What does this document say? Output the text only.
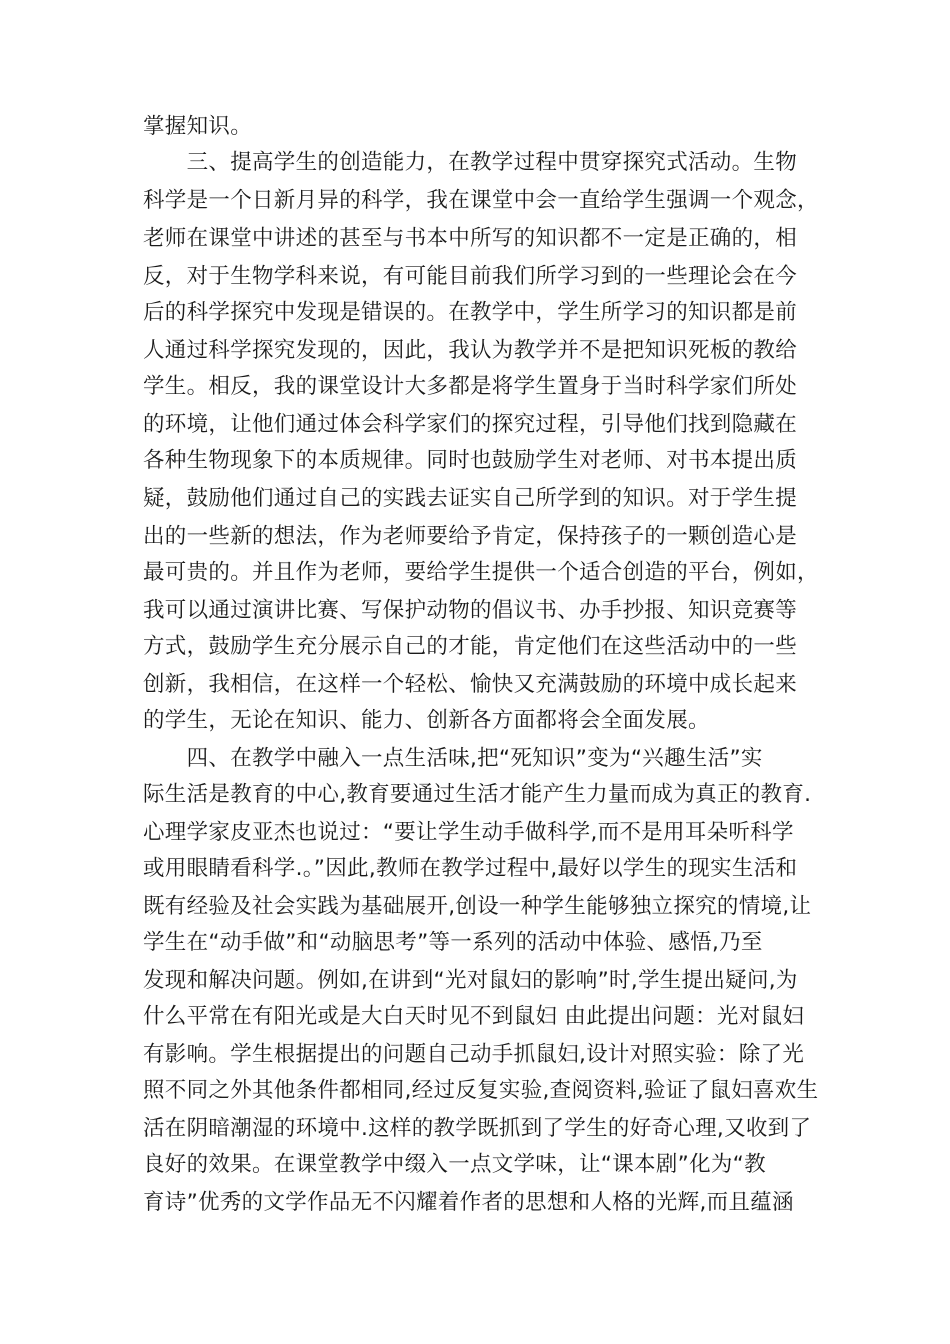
掌握知识。
　　三、提高学生的创造能力，在教学过程中贯穿探究式活动。生物
科学是一个日新月异的科学，我在课堂中会一直给学生强调一个观念，
老师在课堂中讲述的甚至与书本中所写的知识都不一定是正确的，相
反，对于生物学科来说，有可能目前我们所学习到的一些理论会在今
后的科学探究中发现是错误的。在教学中，学生所学习的知识都是前
人通过科学探究发现的，因此，我认为教学并不是把知识死板的教给
学生。相反，我的课堂设计大多都是将学生置身于当时科学家们所处
的环境，让他们通过体会科学家们的探究过程，引导他们找到隐藏在
各种生物现象下的本质规律。同时也鼓励学生对老师、对书本提出质
疑，鼓励他们通过自己的实践去证实自己所学到的知识。对于学生提
出的一些新的想法，作为老师要给予肯定，保持孩子的一颗创造心是
最可贵的。并且作为老师，要给学生提供一个适合创造的平台，例如，
我可以通过演讲比赛、写保护动物的倡议书、办手抄报、知识竞赛等
方式，鼓励学生充分展示自己的才能，肯定他们在这些活动中的一些
创新，我相信，在这样一个轻松、愉快又充满鼓励的环境中成长起来
的学生，无论在知识、能力、创新各方面都将会全面发展。
　　四、在教学中融入一点生活味,把“死知识”变为“兴趣生活”实
际生活是教育的中心,教育要通过生活才能产生力量而成为真正的教育.
心理学家皮亚杰也说过：“要让学生动手做科学,而不是用耳朵听科学
或用眼睛看科学.。”因此,教师在教学过程中,最好以学生的现实生活和
既有经验及社会实践为基础展开,创设一种学生能够独立探究的情境,让
学生在“动手做”和“动脑思考”等一系列的活动中体验、感悟,乃至
发现和解决问题。例如,在讲到“光对鼠妇的影响”时,学生提出疑问,为
什么平常在有阳光或是大白天时见不到鼠妇 由此提出问题：光对鼠妇
有影响。学生根据提出的问题自己动手抓鼠妇,设计对照实验：除了光
照不同之外其他条件都相同,经过反复实验,查阅资料,验证了鼠妇喜欢生
活在阴暗潮湿的环境中.这样的教学既抓到了学生的好奇心理,又收到了
良好的效果。在课堂教学中缀入一点文学味，让“课本剧”化为“教
育诗”优秀的文学作品无不闪耀着作者的思想和人格的光辉,而且蕴涵
